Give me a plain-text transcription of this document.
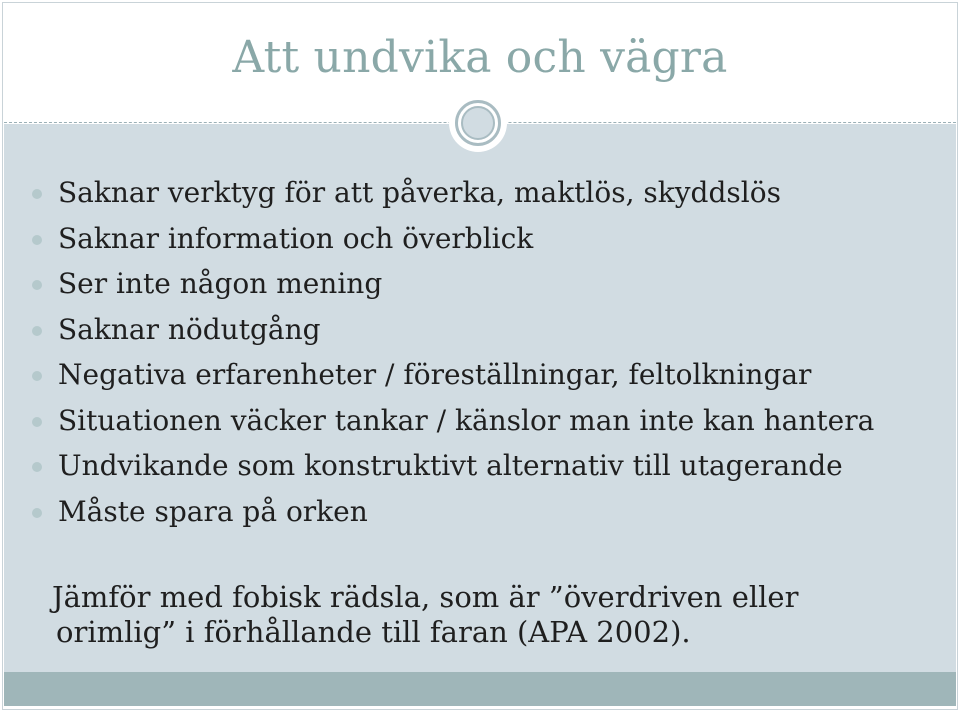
Att undvika och vägra
Saknar verktyg för att påverka, maktlös, skyddslös
Saknar information och överblick
Ser inte någon mening
Saknar nödutgång
Negativa erfarenheter / föreställningar, feltolkningar
Situationen väcker tankar / känslor man inte kan hantera
Undvikande som konstruktivt alternativ till utagerande
Måste spara på orken

Jämför med fobisk rädsla, som är ”överdriven eller
orimlig” i förhållande till faran (APA 2002).
